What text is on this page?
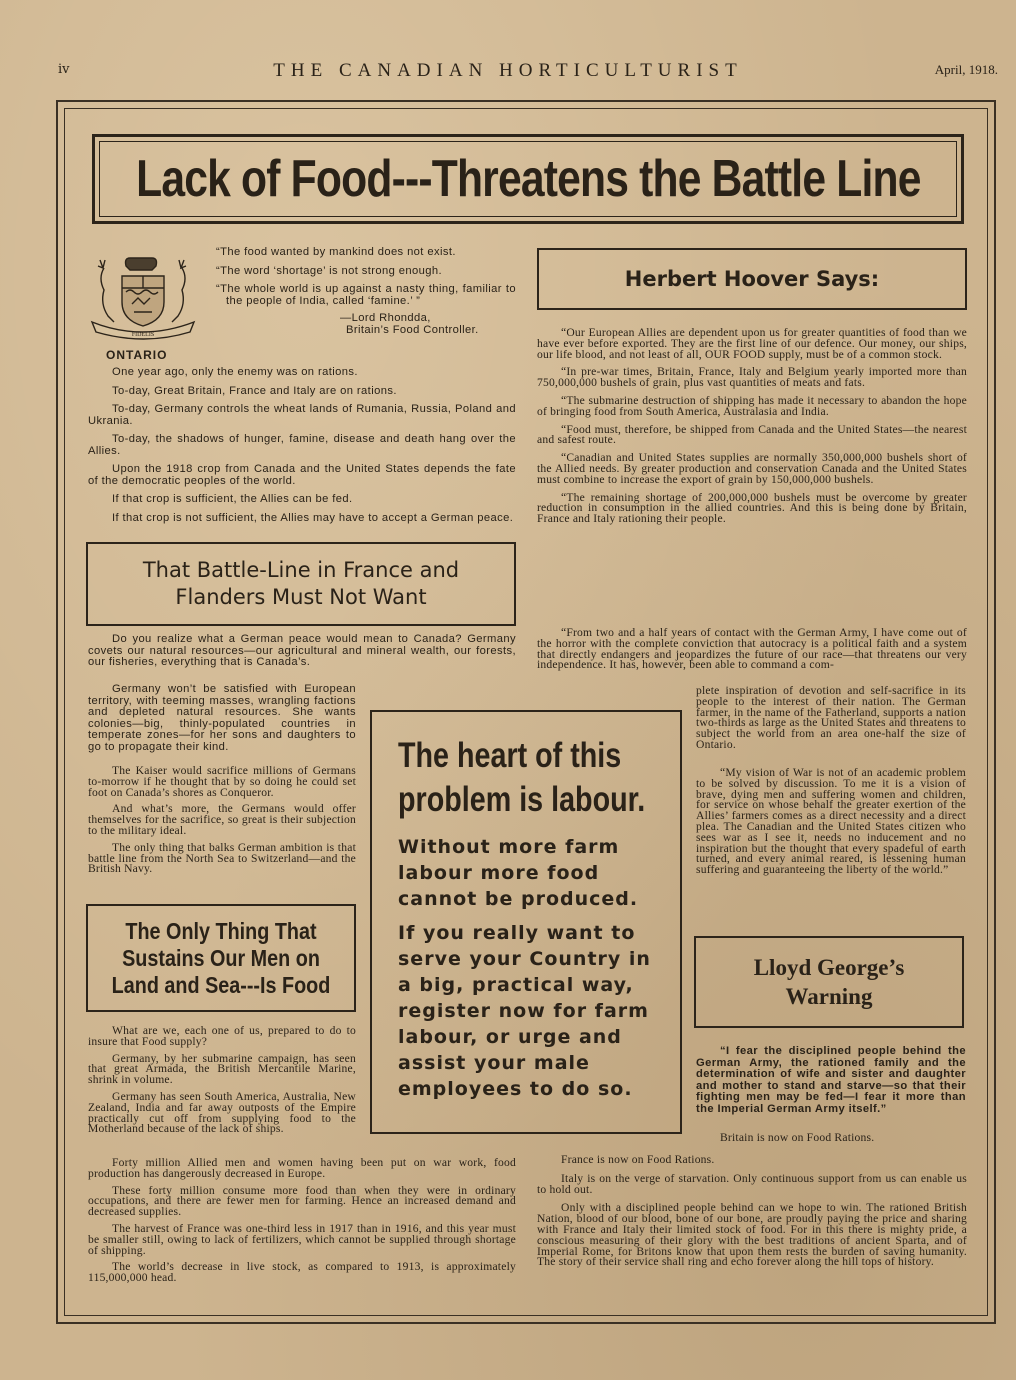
iv	THE CANADIAN HORTICULTURIST	April, 1918.
Lack of Food---Threatens the Battle Line
FIDELIS
ONTARIO

“The food wanted by mankind does not exist.

“The word ‘shortage’ is not strong enough.

“The whole world is up against a nasty thing, familiar to the people of India, called ‘famine.’ ”

—Lord Rhondda,

Britain’s Food Controller.

One year ago, only the enemy was on rations.

To-day, Great Britain, France and Italy are on rations.

To-day, Germany controls the wheat lands of Rumania, Russia, Poland and Ukrania.

To-day, the shadows of hunger, famine, disease and death hang over the Allies.

Upon the 1918 crop from Canada and the United States depends the fate of the democratic peoples of the world.

If that crop is sufficient, the Allies can be fed.

If that crop is not sufficient, the Allies may have to accept a German peace.

That Battle-Line in France and Flanders Must Not Want

Do you realize what a German peace would mean to Canada? Germany covets our natural resources—our agricultural and mineral wealth, our forests, our fisheries, everything that is Canada’s.

Germany won’t be satisfied with European territory, with teeming masses, wrangling factions and depleted natural resources. She wants colonies—big, thinly-populated countries in temperate zones—for her sons and daughters to go to propagate their kind.

The Kaiser would sacrifice millions of Germans to-morrow if he thought that by so doing he could set foot on Canada’s shores as Conqueror.

And what’s more, the Germans would offer themselves for the sacrifice, so great is their subjection to the military ideal.

The only thing that balks German ambition is that battle line from the North Sea to Switzerland—and the British Navy.

The Only Thing That Sustains Our Men on Land and Sea---Is Food

What are we, each one of us, prepared to do to insure that Food supply?

Germany, by her submarine campaign, has seen that great Armada, the British Mercantile Marine, shrink in volume.

Germany has seen South America, Australia, New Zealand, India and far away outposts of the Empire practically cut off from supplying food to the Motherland because of the lack of ships.

Forty million Allied men and women having been put on war work, food production has dangerously decreased in Europe.

These forty million consume more food than when they were in ordinary occupations, and there are fewer men for farming. Hence an increased demand and decreased supplies.

The harvest of France was one-third less in 1917 than in 1916, and this year must be smaller still, owing to lack of fertilizers, which cannot be supplied through shortage of shipping.

The world’s decrease in live stock, as compared to 1913, is approximately 115,000,000 head.

The heart of this
problem is labour.
Without more farm labour more food cannot be produced.
If you really want to serve your Country in a big, practical way, register now for farm labour, or urge and assist your male employees to do so.
Herbert Hoover Says:

“Our European Allies are dependent upon us for greater quantities of food than we have ever before exported. They are the first line of our defence. Our money, our ships, our life blood, and not least of all, OUR FOOD supply, must be of a common stock.

“In pre-war times, Britain, France, Italy and Belgium yearly imported more than 750,000,000 bushels of grain, plus vast quantities of meats and fats.

“The submarine destruction of shipping has made it necessary to abandon the hope of bringing food from South America, Australasia and India.

“Food must, therefore, be shipped from Canada and the United States—the nearest and safest route.

“Canadian and United States supplies are normally 350,000,000 bushels short of the Allied needs. By greater production and conservation Canada and the United States must combine to increase the export of grain by 150,000,000 bushels.

“The remaining shortage of 200,000,000 bushels must be overcome by greater reduction in consumption in the allied countries. And this is being done by Britain, France and Italy rationing their people.

“From two and a half years of contact with the German Army, I have come out of the horror with the complete conviction that autocracy is a political faith and a system that directly endangers and jeopardizes the future of our race—that threatens our very independence. It has, however, been able to command a com-

plete inspiration of devotion and self-sacrifice in its people to the interest of their nation. The German farmer, in the name of the Fatherland, supports a nation two-thirds as large as the United States and threatens to subject the world from an area one-half the size of Ontario.

“My vision of War is not of an academic problem to be solved by discussion. To me it is a vision of brave, dying men and suffering women and children, for service on whose behalf the greater exertion of the Allies’ farmers comes as a direct necessity and a direct plea. The Canadian and the United States citizen who sees war as I see it, needs no inducement and no inspiration but the thought that every spadeful of earth turned, and every animal reared, is lessening human suffering and guaranteeing the liberty of the world.”

Lloyd George’s Warning

“I fear the disciplined people behind the German Army, the rationed family and the determination of wife and sister and daughter and mother to stand and starve—so that their fighting men may be fed—I fear it more than the Imperial German Army itself.”

Britain is now on Food Rations.

France is now on Food Rations.

Italy is on the verge of starvation. Only continuous support from us can enable us to hold out.

Only with a disciplined people behind can we hope to win. The rationed British Nation, blood of our blood, bone of our bone, are proudly paying the price and sharing with France and Italy their limited stock of food. For in this there is mighty pride, a conscious measuring of their glory with the best traditions of ancient Sparta, and of Imperial Rome, for Britons know that upon them rests the burden of saving humanity. The story of their service shall ring and echo forever along the hill tops of history.
